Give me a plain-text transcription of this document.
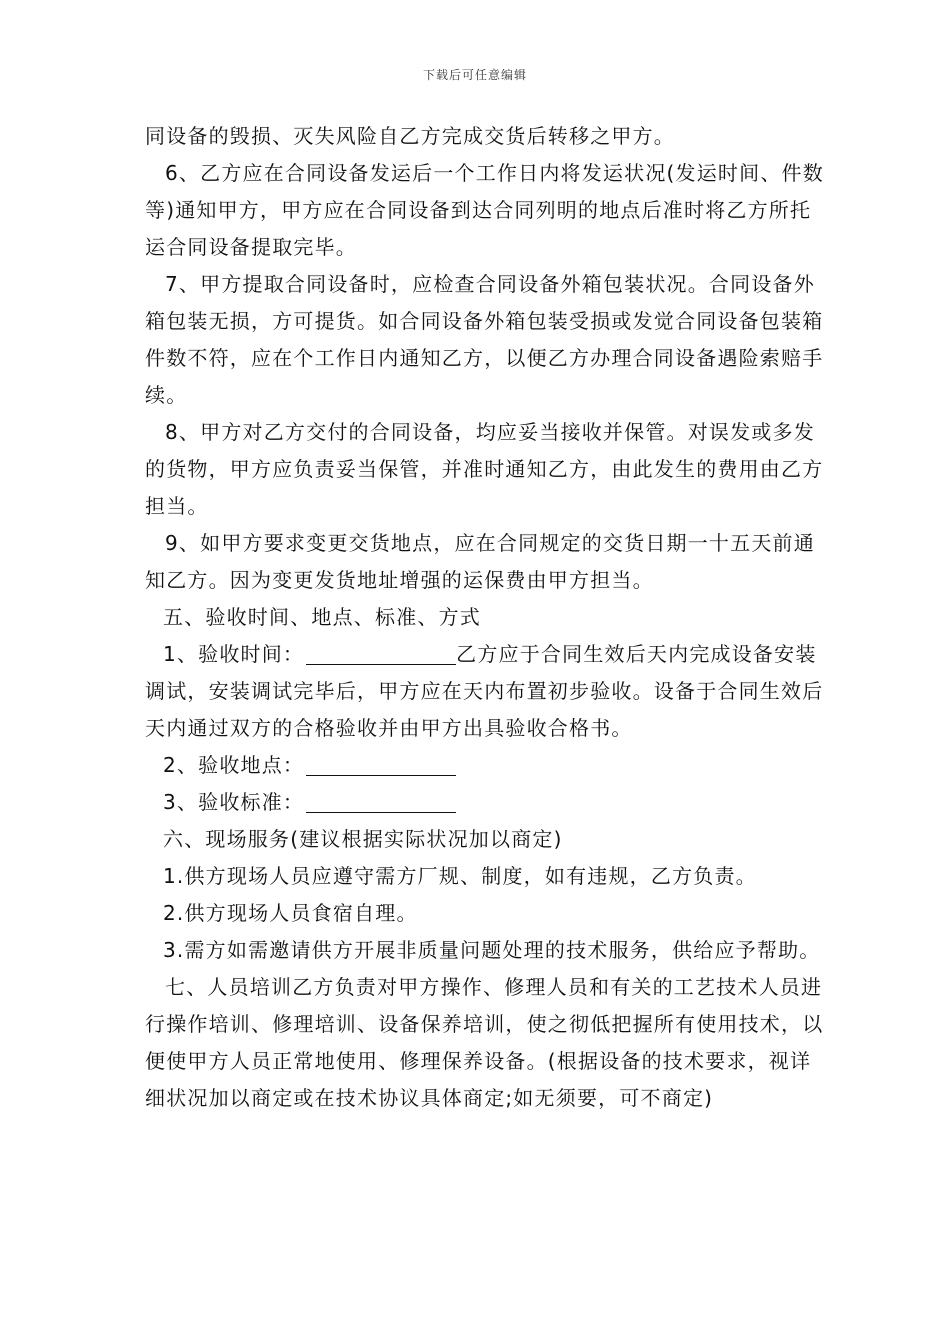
下载后可任意编辑

同设备的毁损、灭失风险自乙方完成交货后转移之甲方。

6、乙方应在合同设备发运后一个工作日内将发运状况(发运时间、件数等)通知甲方，甲方应在合同设备到达合同列明的地点后准时将乙方所托运合同设备提取完毕。

7、甲方提取合同设备时，应检查合同设备外箱包装状况。合同设备外箱包装无损，方可提货。如合同设备外箱包装受损或发觉合同设备包装箱件数不符，应在个工作日内通知乙方，以便乙方办理合同设备遇险索赔手续。

8、甲方对乙方交付的合同设备，均应妥当接收并保管。对误发或多发的货物，甲方应负责妥当保管，并准时通知乙方，由此发生的费用由乙方担当。

9、如甲方要求变更交货地点，应在合同规定的交货日期一十五天前通知乙方。因为变更发货地址增强的运保费由甲方担当。

五、验收时间、地点、标准、方式

1、验收时间：	乙方应于合同生效后天内完成设备安装调试，安装调试完毕后，甲方应在天内布置初步验收。设备于合同生效后天内通过双方的合格验收并由甲方出具验收合格书。

2、验收地点：

3、验收标准：

六、现场服务(建议根据实际状况加以商定)

1.供方现场人员应遵守需方厂规、制度，如有违规，乙方负责。

2.供方现场人员食宿自理。

3.需方如需邀请供方开展非质量问题处理的技术服务，供给应予帮助。

七、人员培训乙方负责对甲方操作、修理人员和有关的工艺技术人员进行操作培训、修理培训、设备保养培训，使之彻低把握所有使用技术，以便使甲方人员正常地使用、修理保养设备。(根据设备的技术要求，视详细状况加以商定或在技术协议具体商定;如无须要，可不商定)
